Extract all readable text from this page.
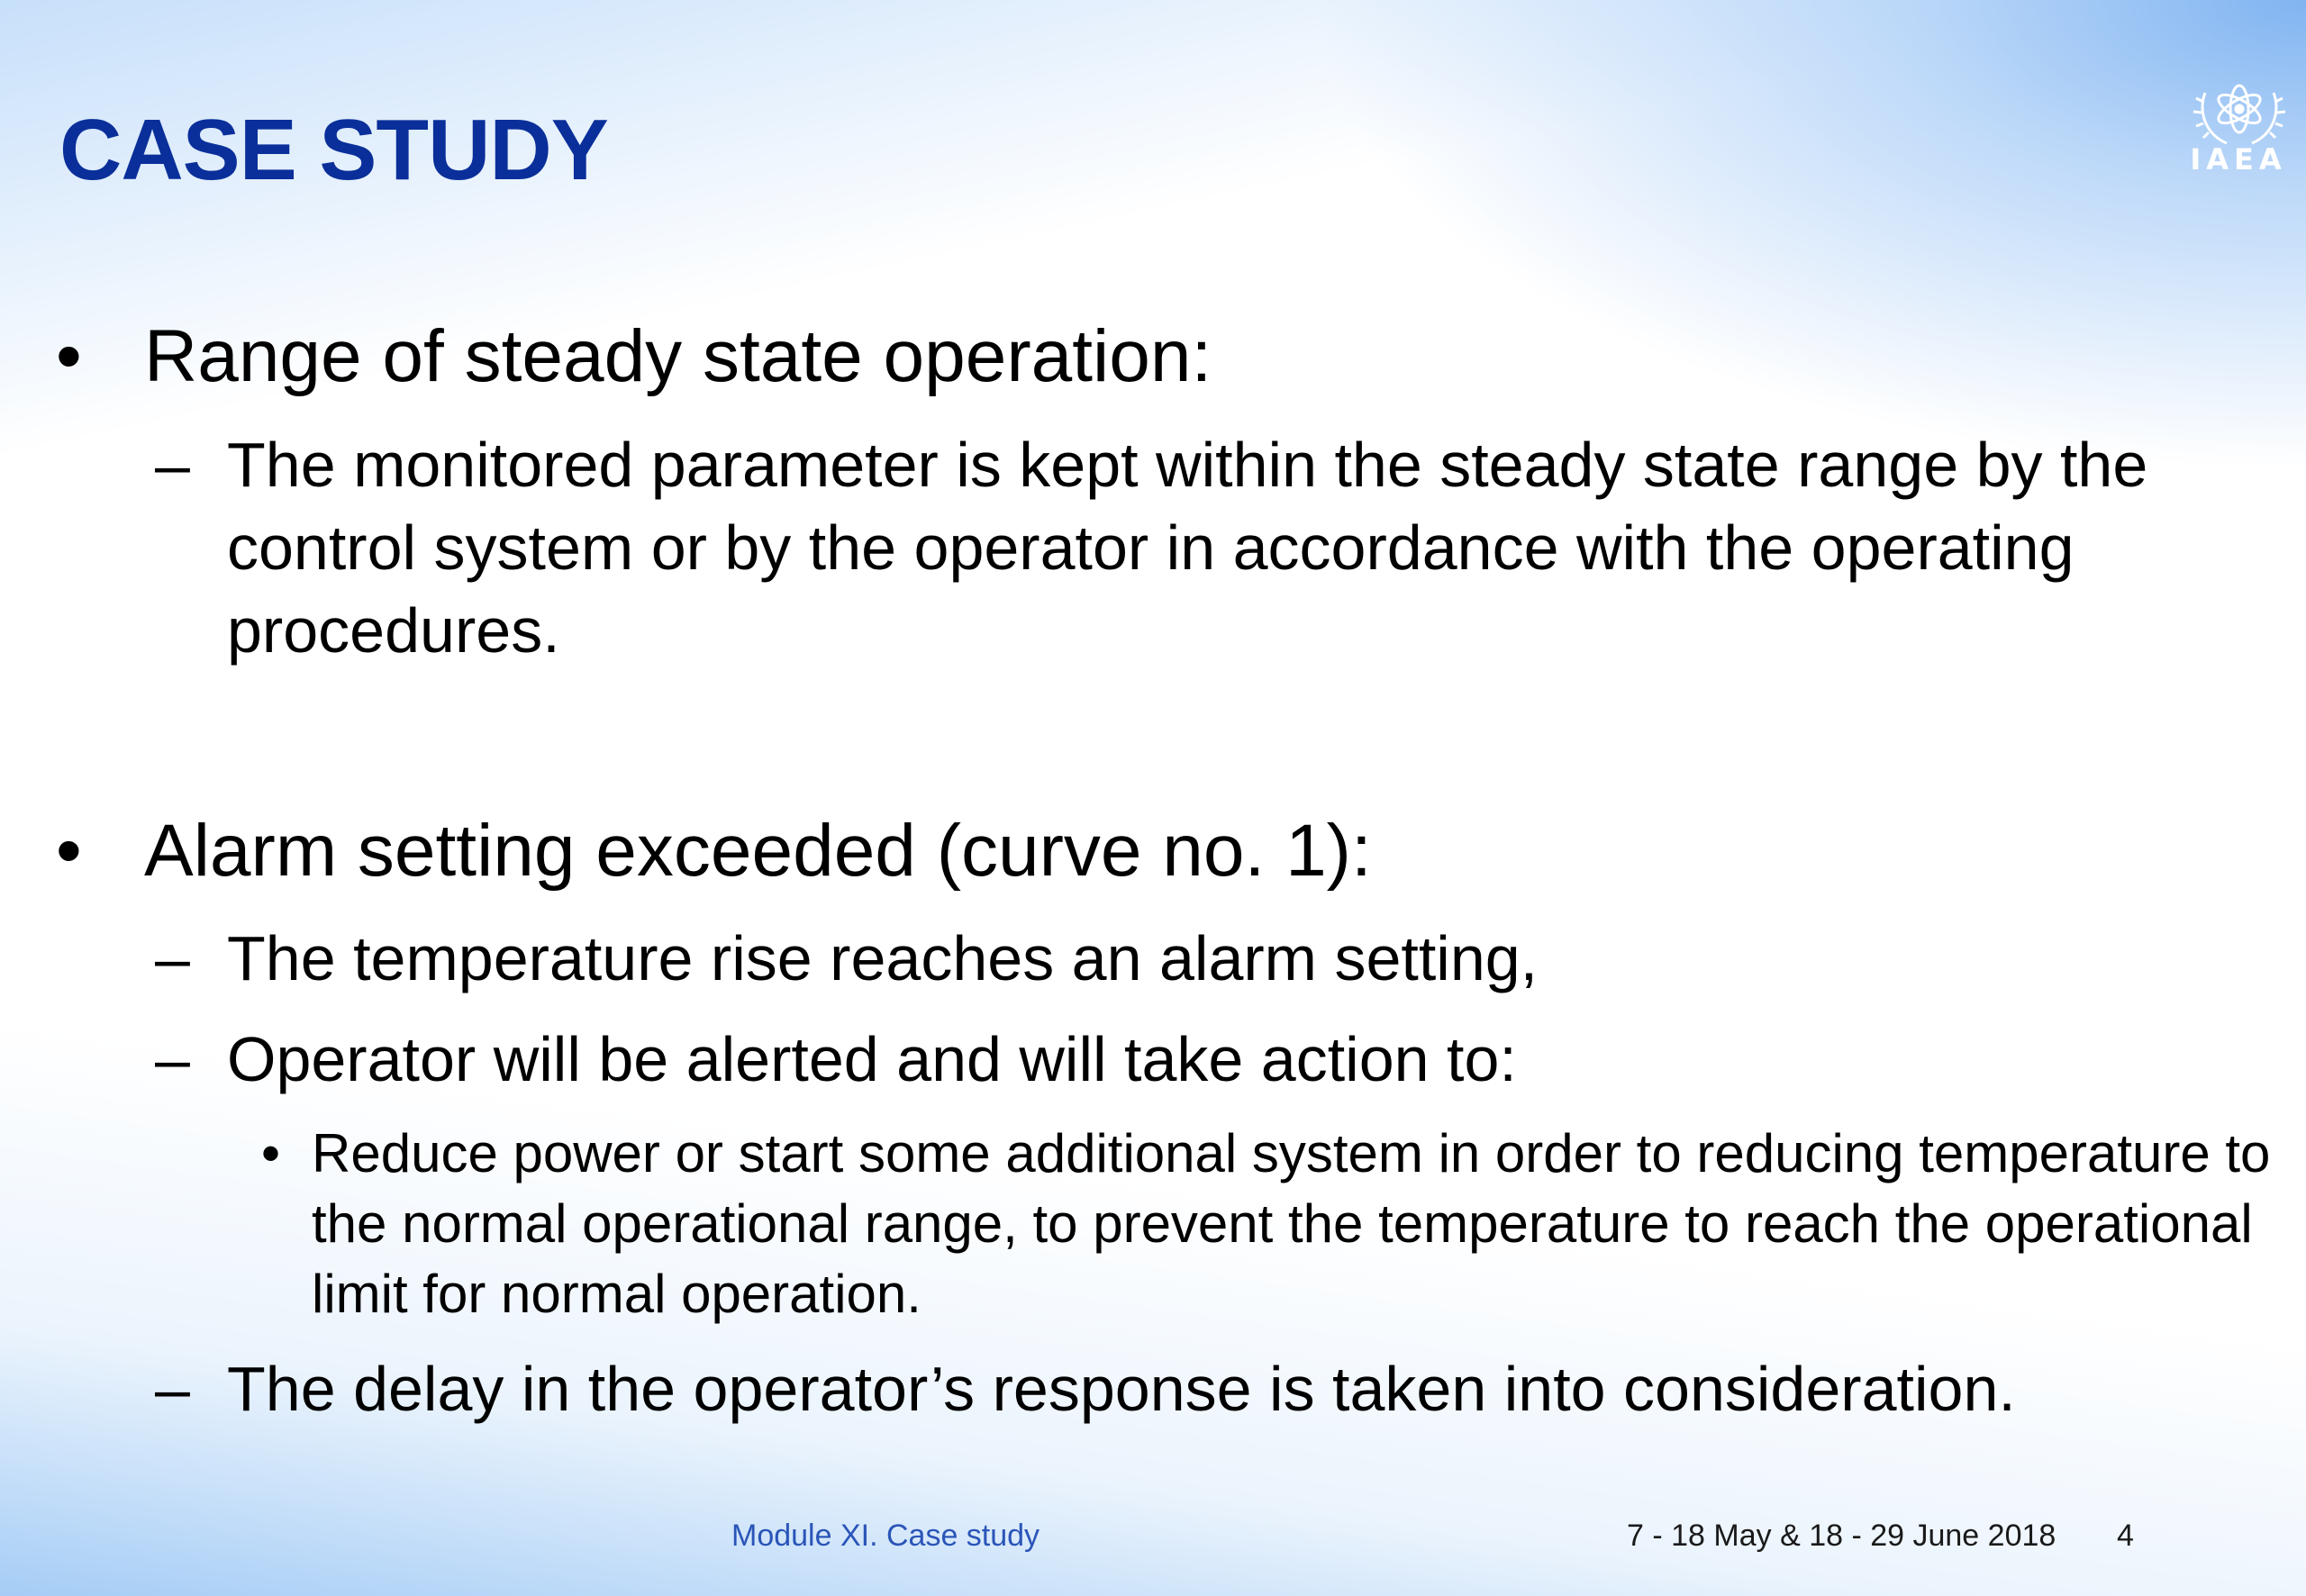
IAEA
CASE STUDY
• Range of steady state operation:
– The monitored parameter is kept within the steady state range by the control system or by the operator in accordance with the operating procedures.
• Alarm setting exceeded (curve no. 1):
– The temperature rise reaches an alarm setting,
– Operator will be alerted and will take action to:
• Reduce power or start some additional system in order to reducing temperature to the normal operational range, to prevent the temperature to reach the operational limit for normal operation.
– The delay in the operator’s response is taken into consideration.
Module XI. Case study	7 - 18 May & 18 - 29 June 2018 4
